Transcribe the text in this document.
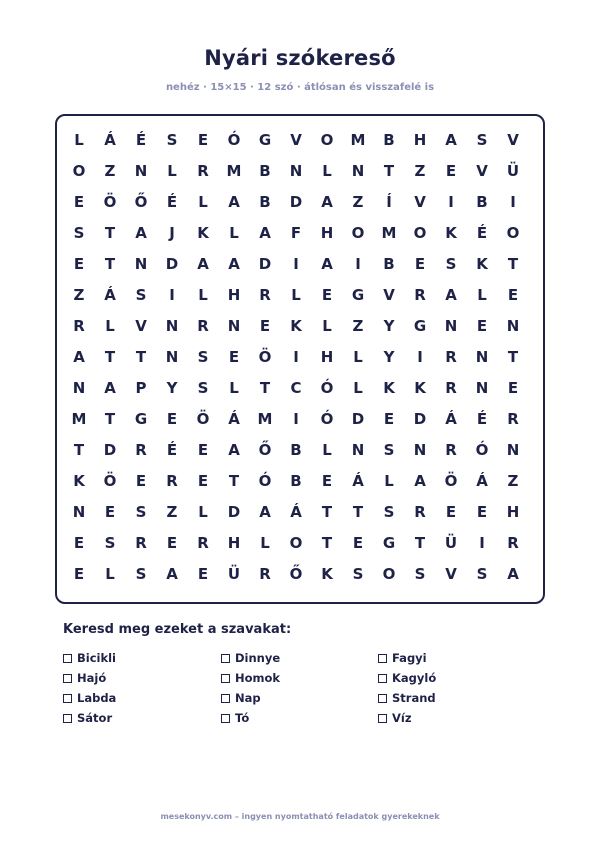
Nyári szókereső
nehéz · 15×15 · 12 szó · átlósan és visszafelé is
L	Á	É	S	E	Ó	G	V	O	M	B	H	A	S	V
O	Z	N	L	R	M	B	N	L	N	T	Z	E	V	Ü
E	Ö	Ő	É	L	A	B	D	A	Z	Í	V	I	B	I
S	T	A	J	K	L	A	F	H	O	M	O	K	É	O
E	T	N	D	A	A	D	I	A	I	B	E	S	K	T
Z	Á	S	I	L	H	R	L	E	G	V	R	A	L	E
R	L	V	N	R	N	E	K	L	Z	Y	G	N	E	N
A	T	T	N	S	E	Ö	I	H	L	Y	I	R	N	T
N	A	P	Y	S	L	T	C	Ó	L	K	K	R	N	E
M	T	G	E	Ö	Á	M	I	Ó	D	E	D	Á	É	R
T	D	R	É	E	A	Ő	B	L	N	S	N	R	Ó	N
K	Ö	E	R	E	T	Ó	B	E	Á	L	A	Ö	Á	Z
N	E	S	Z	L	D	A	Á	T	T	S	R	E	E	H
E	S	R	E	R	H	L	O	T	E	G	T	Ü	I	R
E	L	S	A	E	Ü	R	Ő	K	S	O	S	V	S	A
Keresd meg ezeket a szavakat:
Bicikli
Hajó
Labda
Sátor
Dinnye
Homok
Nap
Tó
Fagyi
Kagyló
Strand
Víz
mesekonyv.com – ingyen nyomtatható feladatok gyerekeknek
